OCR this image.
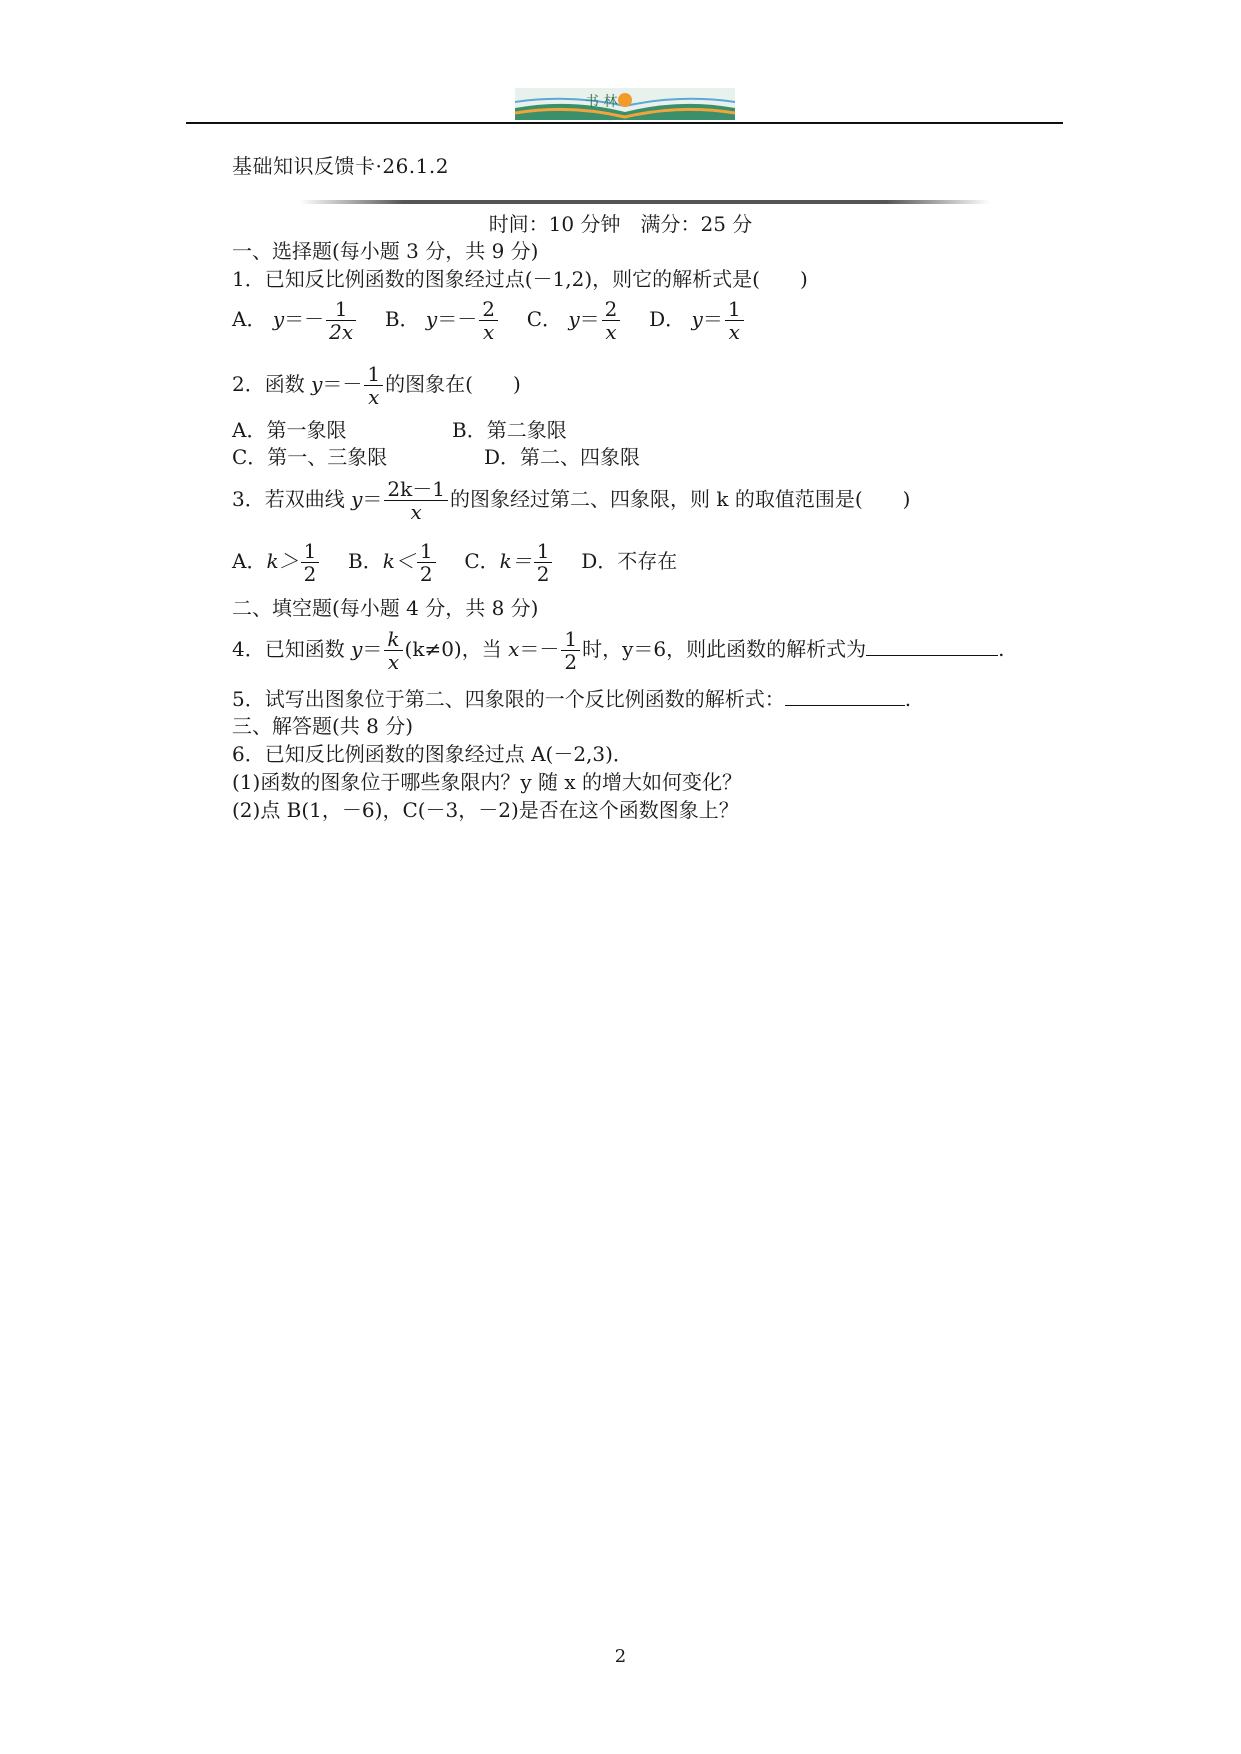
书 林
基础知识反馈卡·26.1.2
时间：10 分钟　满分：25 分
一、选择题(每小题 3 分，共 9 分)
1．已知反比例函数的图象经过点(－1,2)，则它的解析式是(　　)
A． $y=- \frac{1}{2x}$ B． $y=- \frac{2}{x}$ C． $y= \frac{2}{x}$ D． $y= \frac{1}{x}$
2．函数 $y=- \frac{1}{x}$ 的图象在(　　)
A．第一象限	B．第二象限
C．第一、三象限	D．第二、四象限
3．若双曲线 $y= \frac{2k-1}{x}$ 的图象经过第二、四象限，则 k 的取值范围是(　　)
A．$k> \frac{1}{2}$ B．$k< \frac{1}{2}$ C．$k= \frac{1}{2}$ D．不存在
二、填空题(每小题 4 分，共 8 分)
4．已知函数 $y= \frac{k}{x} (k\ne 0)$，当 $x=- \frac{1}{2}$ 时，y＝6，则此函数的解析式为	.
5．试写出图象位于第二、四象限的一个反比例函数的解析式：	.
三、解答题(共 8 分)
6．已知反比例函数的图象经过点 A(－2,3)．
(1)函数的图象位于哪些象限内？y 随 x 的增大如何变化？
(2)点 B(1，－6)，C(－3，－2)是否在这个函数图象上？
2
